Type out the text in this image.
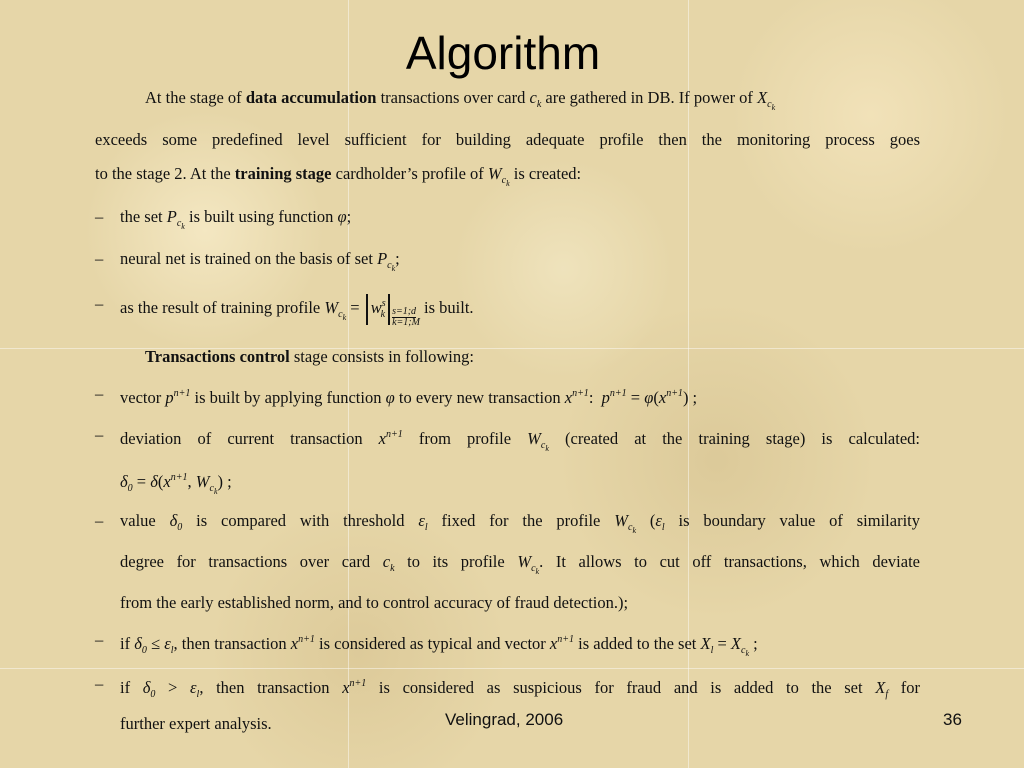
Algorithm
At the stage of data accumulation transactions over card $c_k$ are gathered in DB. If power of $X_{c_k}$
exceeds some predefined level sufficient for building adequate profile then the monitoring process goes
to the stage 2. At the training stage cardholder’s profile of $W_{c_k}$ is created:
– the set $P_{c_k}$ is built using function φ;
– neural net is trained on the basis of set $P_{c_k}$;
– as the result of training profile $W_{c_k} = w^s_k$ s=1;d
k=1;M is built.
Transactions control stage consists in following:
– vector $p^{n+1}$ is built by applying function φ to every new transaction $x^{n+1}$: $p^{n+1} = \varphi(x^{n+1})$ ;
– deviation of current transaction $x^{n+1}$ from profile $W_{c_k}$ (created at the training stage) is calculated:
$\delta_0 = \delta(x^{n+1}$, $W_{c_k}$) ;
– value $\delta_0$ is compared with threshold $\varepsilon_l$ fixed for the profile $W_{c_k}$ ($\varepsilon_l$ is boundary value of similarity
degree for transactions over card $c_k$ to its profile $W_{c_k}$. It allows to cut off transactions, which deviate
from the early established norm, and to control accuracy of fraud detection.);
– if $\delta_0 \le \varepsilon_l$, then transaction $x^{n+1}$ is considered as typical and vector $x^{n+1}$ is added to the set $X_l = X_{c_k}$ ;
– if $\delta_0 > \varepsilon_l$, then transaction $x^{n+1}$ is considered as suspicious for fraud and is added to the set $X_f$ for
further expert analysis.	Velingrad, 2006	36
